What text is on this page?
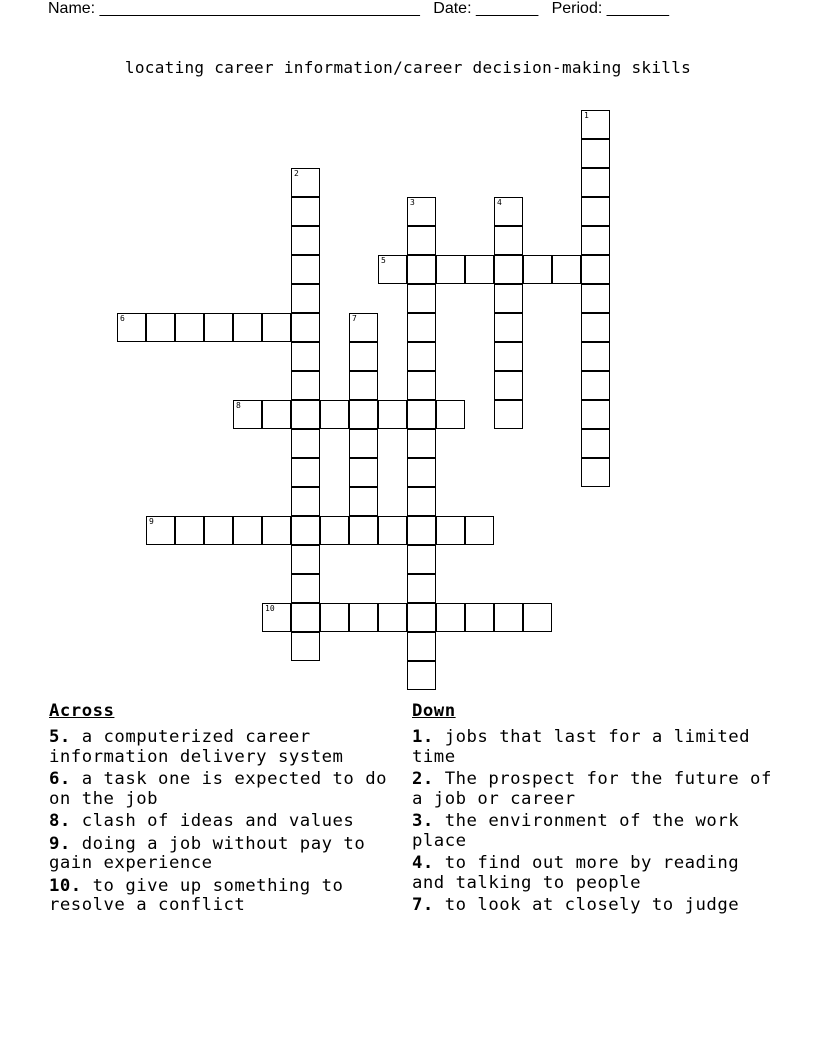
Name: ____________________________________ Date: _______ Period: _______
locating career information/career decision-making skills
1
2
3	4
5
6	7
8
9
10
Across
5. a computerized career information delivery system
6. a task one is expected to do on the job
8. clash of ideas and values
9. doing a job without pay to gain experience
10. to give up something to resolve a conflict
Down
1. jobs that last for a limited time
2. The prospect for the future of a job or career
3. the environment of the work place
4. to find out more by reading and talking to people
7. to look at closely to judge
